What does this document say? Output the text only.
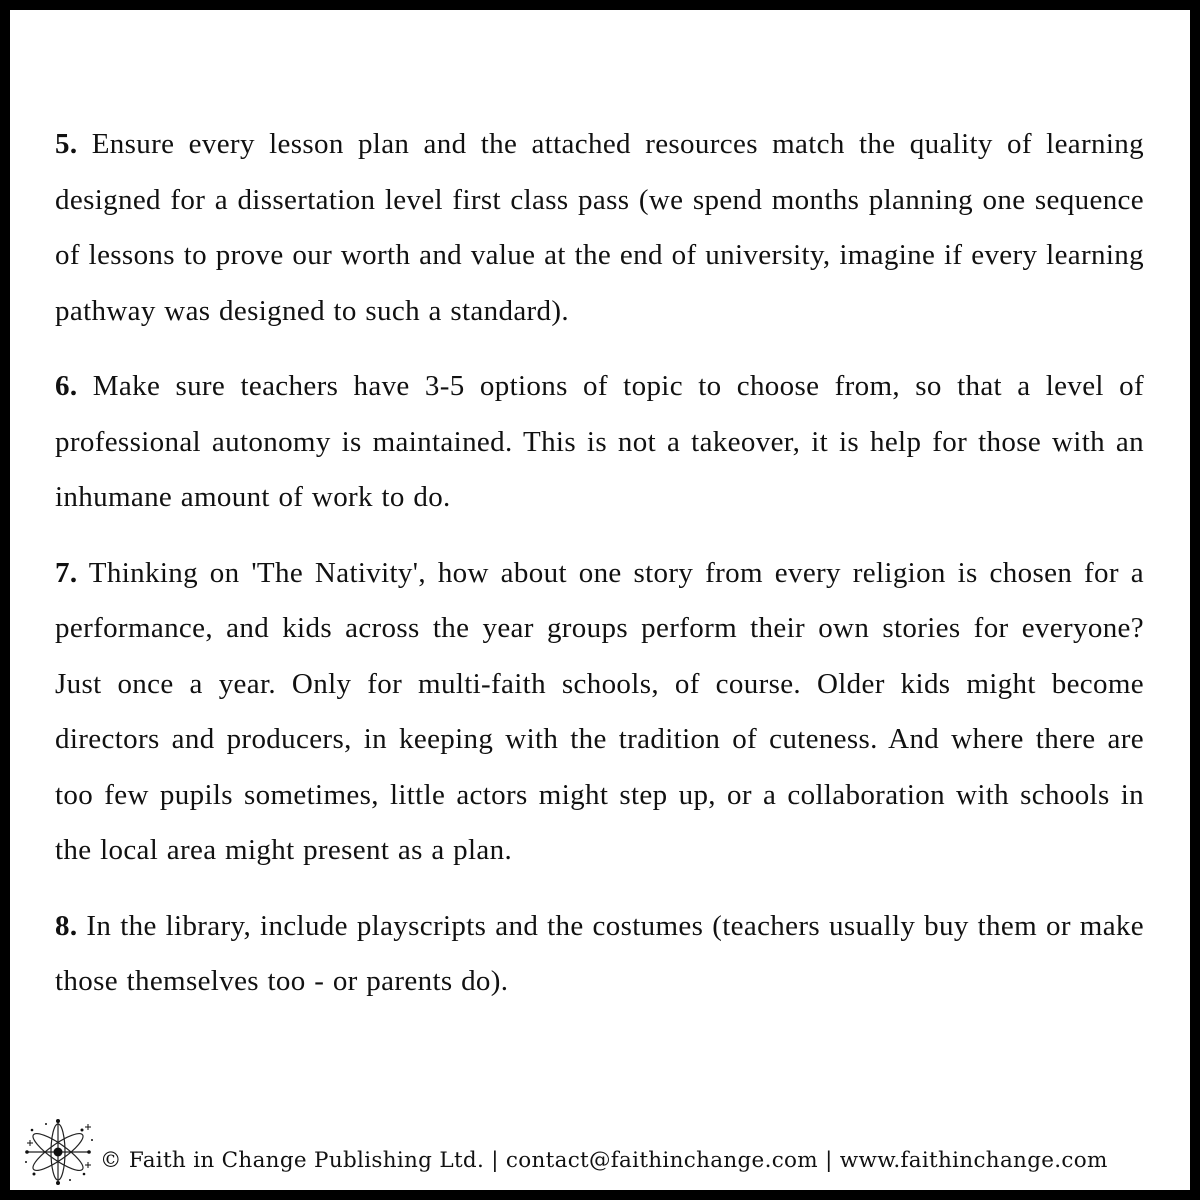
5. Ensure every lesson plan and the attached resources match the quality of learning designed for a dissertation level first class pass (we spend months planning one sequence of lessons to prove our worth and value at the end of university, imagine if every learning pathway was designed to such a standard).

6. Make sure teachers have 3-5 options of topic to choose from, so that a level of professional autonomy is maintained. This is not a takeover, it is help for those with an inhumane amount of work to do.

7. Thinking on 'The Nativity', how about one story from every religion is chosen for a performance, and kids across the year groups perform their own stories for everyone? Just once a year. Only for multi-faith schools, of course. Older kids might become directors and producers, in keeping with the tradition of cuteness. And where there are too few pupils sometimes, little actors might step up, or a collaboration with schools in the local area might present as a plan.

8. In the library, include playscripts and the costumes (teachers usually buy them or make those themselves too - or parents do).

© Faith in Change Publishing Ltd. | contact@faithinchange.com | www.faithinchange.com
